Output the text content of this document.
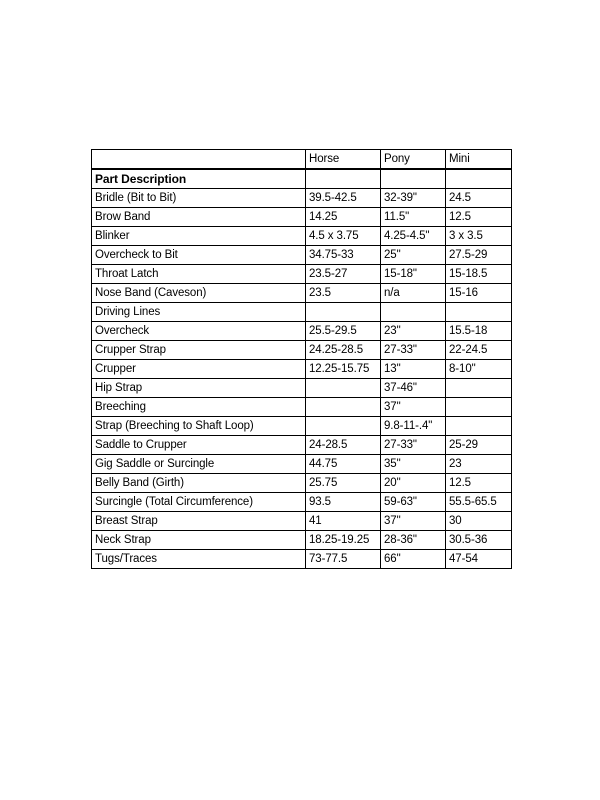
	Horse	Pony	Mini
Part Description			
Bridle (Bit to Bit)	39.5-42.5	32-39"	24.5
Brow Band	14.25	11.5"	12.5
Blinker	4.5 x 3.75	4.25-4.5"	3 x 3.5
Overcheck to Bit	34.75-33	25"	27.5-29
Throat Latch	23.5-27	15-18"	15-18.5
Nose Band (Caveson)	23.5	n/a	15-16
Driving Lines			
Overcheck	25.5-29.5	23"	15.5-18
Crupper Strap	24.25-28.5	27-33"	22-24.5
Crupper	12.25-15.75	13"	8-10"
Hip Strap		37-46"	
Breeching		37"	
Strap (Breeching to Shaft Loop)		9.8-11-.4"	
Saddle to Crupper	24-28.5	27-33"	25-29
Gig Saddle or Surcingle	44.75	35"	23
Belly Band (Girth)	25.75	20"	12.5
Surcingle (Total Circumference)	93.5	59-63"	55.5-65.5
Breast Strap	41	37"	30
Neck Strap	18.25-19.25	28-36"	30.5-36
Tugs/Traces	73-77.5	66"	47-54
